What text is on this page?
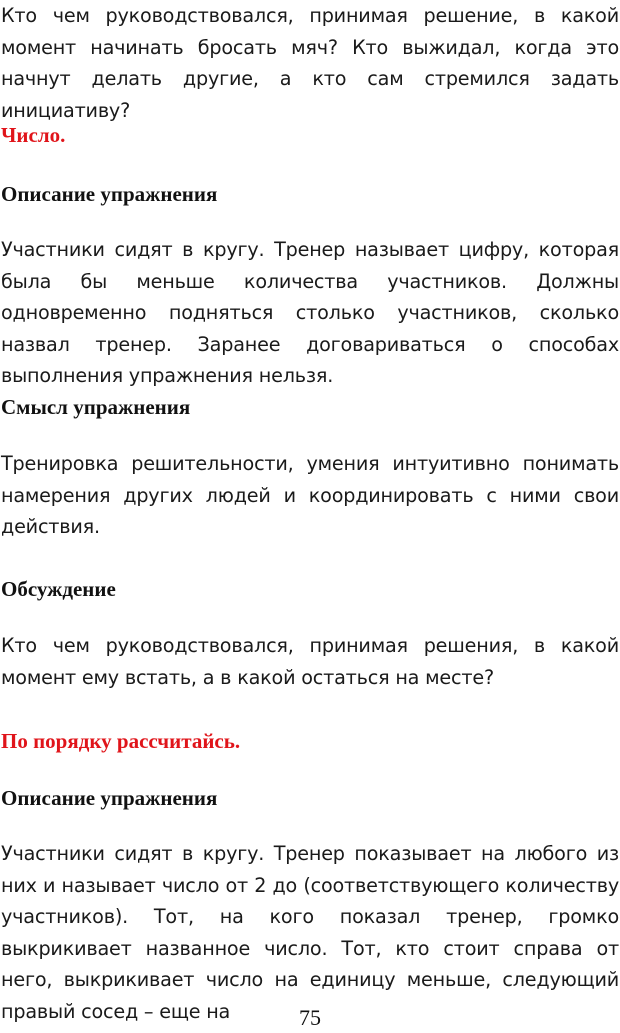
Кто чем руководствовался, принимая решение, в какой момент начинать бросать мяч? Кто выжидал, когда это начнут делать другие, а кто сам стремился задать инициативу?
Число.
Описание упражнения
Участники сидят в кругу. Тренер называет цифру, которая была бы меньше количества участников. Должны одновременно подняться столько участников, сколько назвал тренер. Заранее договариваться о способах выполнения упражнения нельзя.
Смысл упражнения
Тренировка решительности, умения интуитивно понимать намерения других людей и координировать с ними свои действия.
Обсуждение
Кто чем руководствовался, принимая решения, в какой момент ему встать, а в какой остаться на месте?
По порядку рассчитайсь.
Описание упражнения
Участники сидят в кругу. Тренер показывает на любого из них и называет число от 2 до (соответствующего количеству участников). Тот, на кого показал тренер, громко выкрикивает названное число. Тот, кто стоит справа от него, выкрикивает число на единицу меньше, следующий правый сосед – еще на	75
